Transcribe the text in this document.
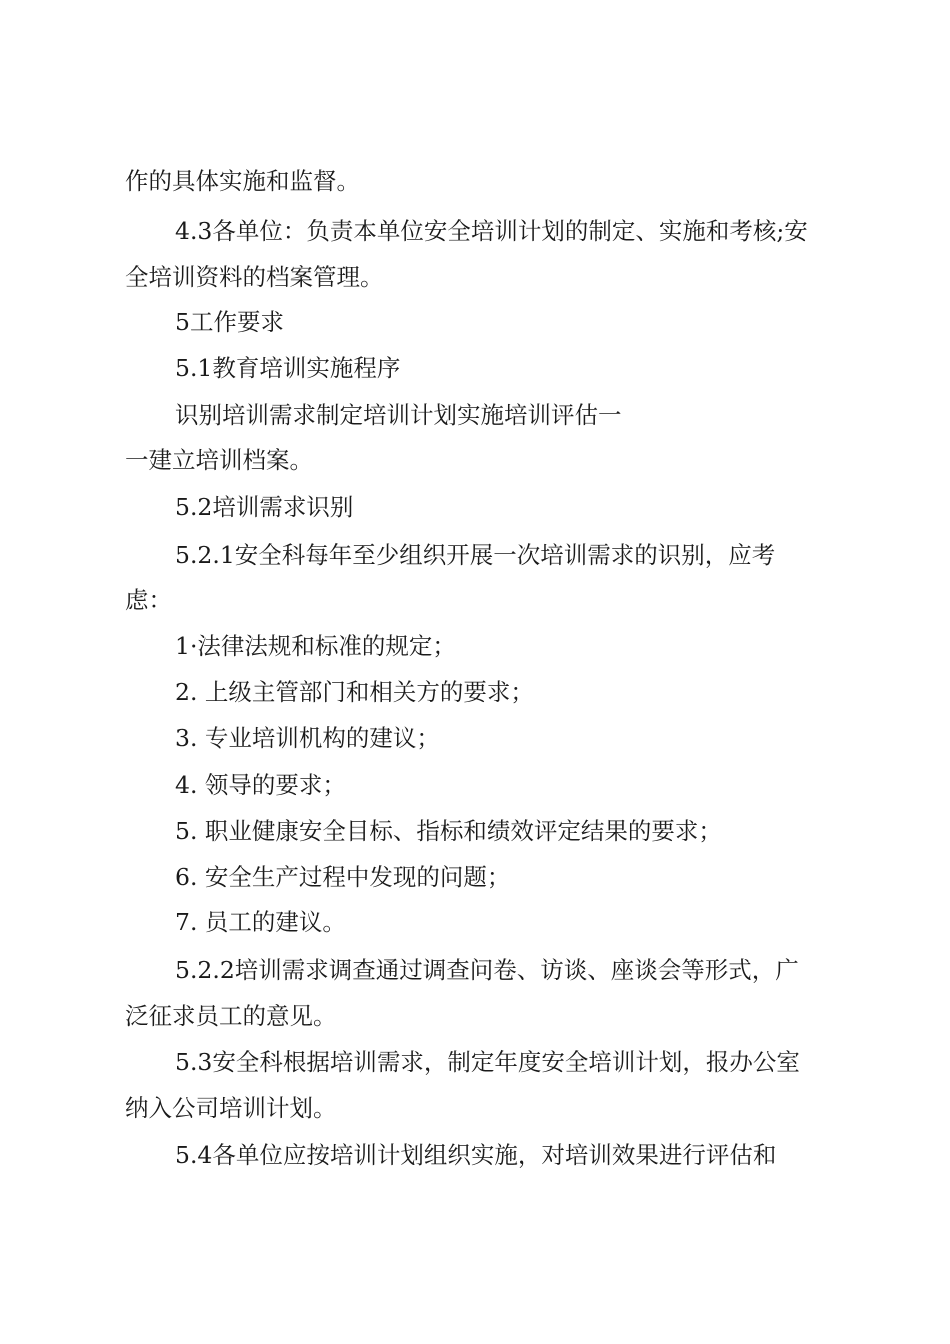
作的具体实施和监督。
4.3各单位：负责本单位安全培训计划的制定、实施和考核;安
全培训资料的档案管理。
5工作要求
5.1教育培训实施程序
识别培训需求制定培训计划实施培训评估一
一建立培训档案。
5.2培训需求识别
5.2.1安全科每年至少组织开展一次培训需求的识别，应考
虑：
1·法律法规和标准的规定；
2. 上级主管部门和相关方的要求；
3. 专业培训机构的建议；
4. 领导的要求；
5. 职业健康安全目标、指标和绩效评定结果的要求；
6. 安全生产过程中发现的问题；
7. 员工的建议。
5.2.2培训需求调查通过调查问卷、访谈、座谈会等形式，广
泛征求员工的意见。
5.3安全科根据培训需求，制定年度安全培训计划，报办公室
纳入公司培训计划。
5.4各单位应按培训计划组织实施，对培训效果进行评估和
